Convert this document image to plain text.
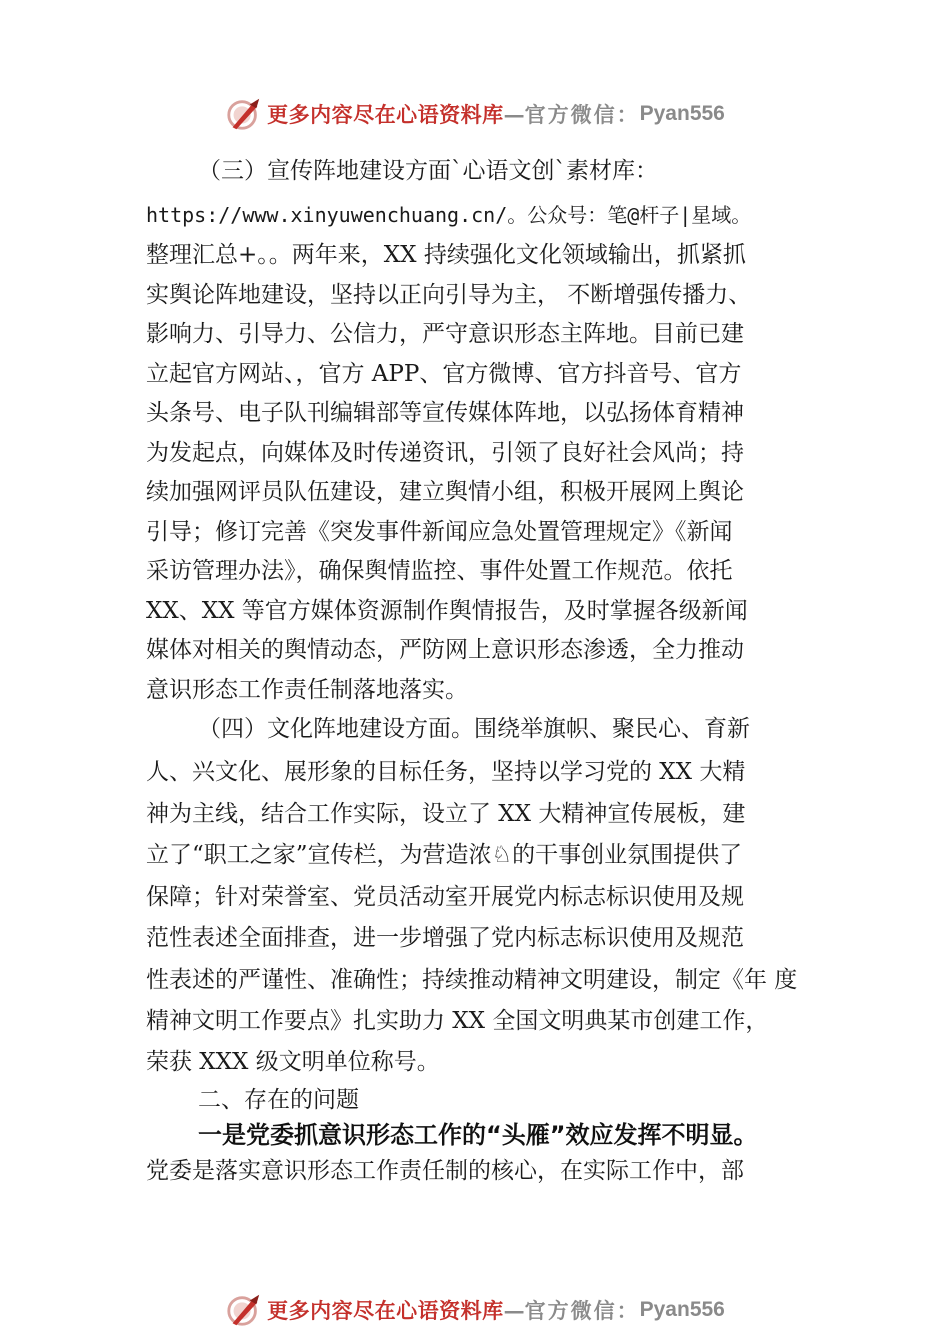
更多内容尽在心语资料库 — 官方微信： Pyan556
（三）宣传阵地建设方面`心语文创`素材库：
https://www.xinyuwenchuang.cn/。公众号：笔@杆子|星域。
整理汇总+。。两年来，XX 持续强化文化领域输出，抓紧抓
实舆论阵地建设，坚持以正向引导为主， 不断增强传播力、
影响力、引导力、公信力，严守意识形态主阵地。目前已建
立起官方网站、，官方 APP、官方微博、官方抖音号、官方
头条号、电子队刊编辑部等宣传媒体阵地，以弘扬体育精神
为发起点，向媒体及时传递资讯，引领了良好社会风尚；持
续加强网评员队伍建设，建立舆情小组，积极开展网上舆论
引导；修订完善《突发事件新闻应急处置管理规定》《新闻
采访管理办法》，确保舆情监控、事件处置工作规范。依托
XX、XX 等官方媒体资源制作舆情报告，及时掌握各级新闻
媒体对相关的舆情动态，严防网上意识形态渗透，全力推动
意识形态工作责任制落地落实。
（四）文化阵地建设方面。围绕举旗帜、聚民心、育新
人、兴文化、展形象的目标任务，坚持以学习党的 XX 大精
神为主线，结合工作实际，设立了 XX 大精神宣传展板，建
立了“职工之家”宣传栏，为营造浓♘的干事创业氛围提供了
保障；针对荣誉室、党员活动室开展党内标志标识使用及规
范性表述全面排查，进一步增强了党内标志标识使用及规范
性表述的严谨性、准确性；持续推动精神文明建设，制定《年 度
精神文明工作要点》扎实助力 XX 全国文明典某市创建工作，
荣获 XXX 级文明单位称号。
二、存在的问题
一是党委抓意识形态工作的“头雁”效应发挥不明显。
党委是落实意识形态工作责任制的核心，在实际工作中，部
更多内容尽在心语资料库 — 官方微信： Pyan556
